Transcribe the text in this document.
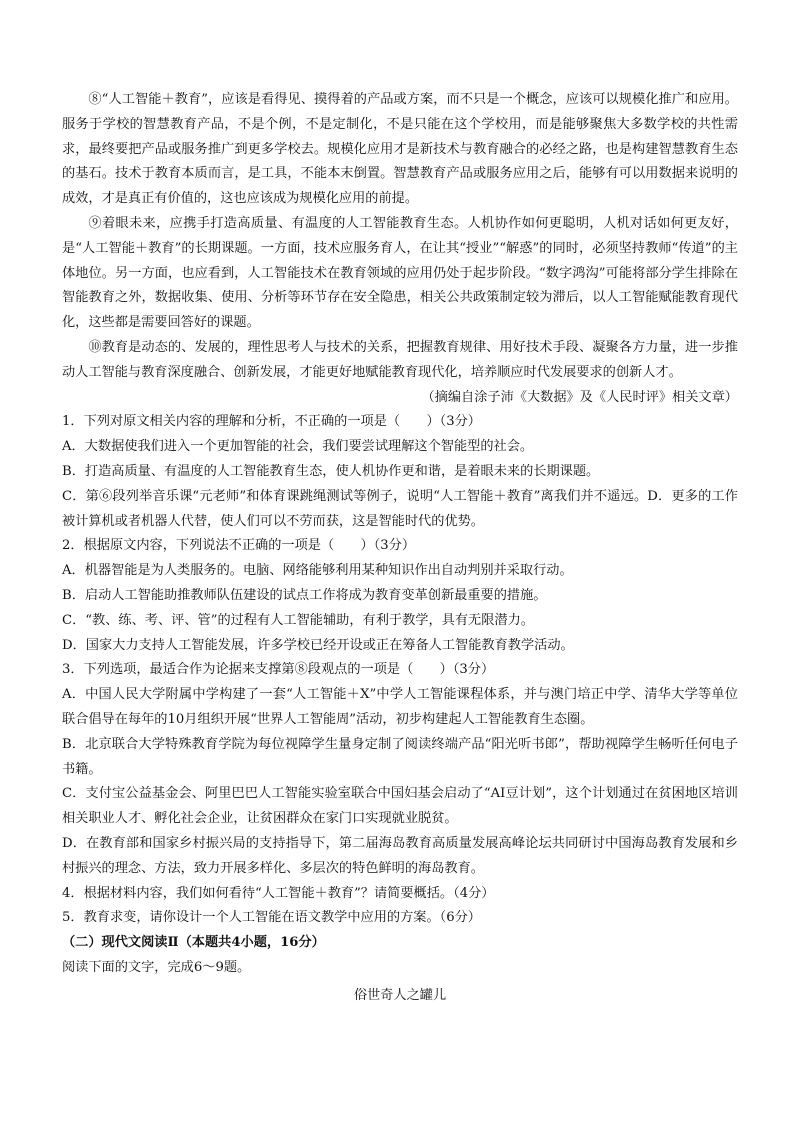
⑧“人工智能＋教育”，应该是看得见、摸得着的产品或方案，而不只是一个概念，应该可以规模化推广和应用。服务于学校的智慧教育产品，不是个例，不是定制化，不是只能在这个学校用，而是能够聚焦大多数学校的共性需求，最终要把产品或服务推广到更多学校去。规模化应用才是新技术与教育融合的必经之路，也是构建智慧教育生态的基石。技术于教育本质而言，是工具，不能本末倒置。智慧教育产品或服务应用之后，能够有可以用数据来说明的成效，才是真正有价值的，这也应该成为规模化应用的前提。

⑨着眼未来，应携手打造高质量、有温度的人工智能教育生态。人机协作如何更聪明，人机对话如何更友好，是“人工智能＋教育”的长期课题。一方面，技术应服务育人，在让其“授业”“解惑”的同时，必须坚持教师“传道”的主体地位。另一方面，也应看到，人工智能技术在教育领域的应用仍处于起步阶段。“数字鸿沟”可能将部分学生排除在智能教育之外，数据收集、使用、分析等环节存在安全隐患，相关公共政策制定较为滞后，以人工智能赋能教育现代化，这些都是需要回答好的课题。

⑩教育是动态的、发展的，理性思考人与技术的关系，把握教育规律、用好技术手段、凝聚各方力量，进一步推动人工智能与教育深度融合、创新发展，才能更好地赋能教育现代化，培养顺应时代发展要求的创新人才。

（摘编自涂子沛《大数据》及《人民时评》相关文章）

1．下列对原文相关内容的理解和分析，不正确的一项是（　　）（3分）

A．大数据使我们进入一个更加智能的社会，我们要尝试理解这个智能型的社会。

B．打造高质量、有温度的人工智能教育生态，使人机协作更和谐，是着眼未来的长期课题。

C．第⑥段列举音乐课“元老师”和体育课跳绳测试等例子，说明“人工智能＋教育”离我们并不遥远。D．更多的工作被计算机或者机器人代替，使人们可以不劳而获，这是智能时代的优势。

2．根据原文内容，下列说法不正确的一项是（　　）（3分）

A．机器智能是为人类服务的。电脑、网络能够利用某种知识作出自动判别并采取行动。

B．启动人工智能助推教师队伍建设的试点工作将成为教育变革创新最重要的措施。

C．“教、练、考、评、管”的过程有人工智能辅助，有利于教学，具有无限潜力。

D．国家大力支持人工智能发展，许多学校已经开设或正在筹备人工智能教育教学活动。

3．下列选项，最适合作为论据来支撑第⑧段观点的一项是（　　）（3分）

A．中国人民大学附属中学构建了一套“人工智能＋X”中学人工智能课程体系，并与澳门培正中学、清华大学等单位联合倡导在每年的10月组织开展“世界人工智能周”活动，初步构建起人工智能教育生态圈。

B．北京联合大学特殊教育学院为每位视障学生量身定制了阅读终端产品“阳光听书郎”，帮助视障学生畅听任何电子书籍。

C．支付宝公益基金会、阿里巴巴人工智能实验室联合中国妇基会启动了“AI豆计划”，这个计划通过在贫困地区培训相关职业人才、孵化社会企业，让贫困群众在家门口实现就业脱贫。

D．在教育部和国家乡村振兴局的支持指导下，第二届海岛教育高质量发展高峰论坛共同研讨中国海岛教育发展和乡村振兴的理念、方法，致力开展多样化、多层次的特色鲜明的海岛教育。

4．根据材料内容，我们如何看待“人工智能＋教育”？请简要概括。（4分）

5．教育求变，请你设计一个人工智能在语文教学中应用的方案。（6分）

（二）现代文阅读Ⅱ（本题共4小题，16分）

阅读下面的文字，完成6～9题。

俗世奇人之罐儿
